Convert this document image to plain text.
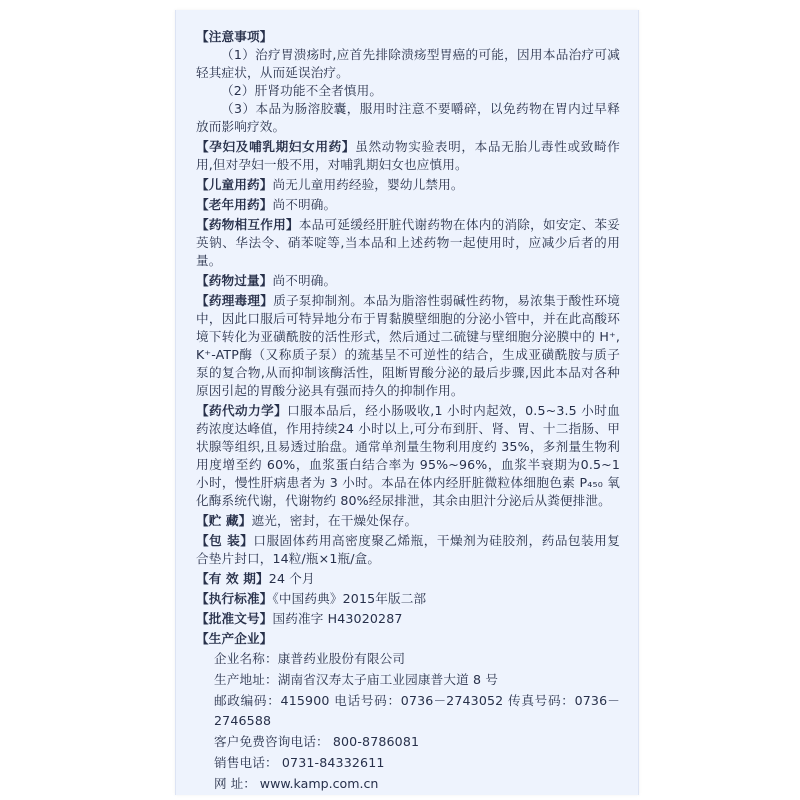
【注意事项】

（1）治疗胃溃疡时,应首先排除溃疡型胃癌的可能，因用本品治疗可减轻其症状，从而延误治疗。

（2）肝肾功能不全者慎用。

（3）本品为肠溶胶囊，服用时注意不要嚼碎，以免药物在胃内过早释放而影响疗效。

【孕妇及哺乳期妇女用药】虽然动物实验表明，本品无胎儿毒性或致畸作用,但对孕妇一般不用，对哺乳期妇女也应慎用。

【儿童用药】尚无儿童用药经验，婴幼儿禁用。

【老年用药】尚不明确。

【药物相互作用】本品可延缓经肝脏代谢药物在体内的消除，如安定、苯妥英钠、华法令、硝苯啶等,当本品和上述药物一起使用时，应减少后者的用量。

【药物过量】尚不明确。

【药理毒理】质子泵抑制剂。本品为脂溶性弱碱性药物，易浓集于酸性环境中，因此口服后可特异地分布于胃黏膜壁细胞的分泌小管中，并在此高酸环境下转化为亚磺酰胺的活性形式，然后通过二硫键与壁细胞分泌膜中的 H⁺, K⁺-ATP酶（又称质子泵）的巯基呈不可逆性的结合，生成亚磺酰胺与质子泵的复合物,从而抑制该酶活性，阻断胃酸分泌的最后步骤,因此本品对各种原因引起的胃酸分泌具有强而持久的抑制作用。

【药代动力学】口服本品后，经小肠吸收,1 小时内起效，0.5~3.5 小时血药浓度达峰值，作用持续24 小时以上,可分布到肝、肾、胃、十二指肠、甲状腺等组织,且易透过胎盘。通常单剂量生物利用度约 35%，多剂量生物利用度增至约 60%，血浆蛋白结合率为 95%~96%，血浆半衰期为0.5~1 小时，慢性肝病患者为 3 小时。本品在体内经肝脏微粒体细胞色素 P₄₅₀ 氧化酶系统代谢，代谢物约 80%经尿排泄，其余由胆汁分泌后从粪便排泄。

【贮 藏】遮光，密封，在干燥处保存。

【包 装】口服固体药用高密度聚乙烯瓶，干燥剂为硅胶剂，药品包装用复合垫片封口，14粒/瓶×1瓶/盒。

【有 效 期】24 个月

【执行标准】《中国药典》2015年版二部

【批准文号】国药准字 H43020287

【生产企业】

企业名称：康普药业股份有限公司

生产地址：湖南省汉寿太子庙工业园康普大道 8 号

邮政编码：415900 电话号码：0736－2743052 传真号码：0736－2746588

客户免费咨询电话： 800-8786081

销售电话： 0731-84332611

网 址： www.kamp.com.cn
